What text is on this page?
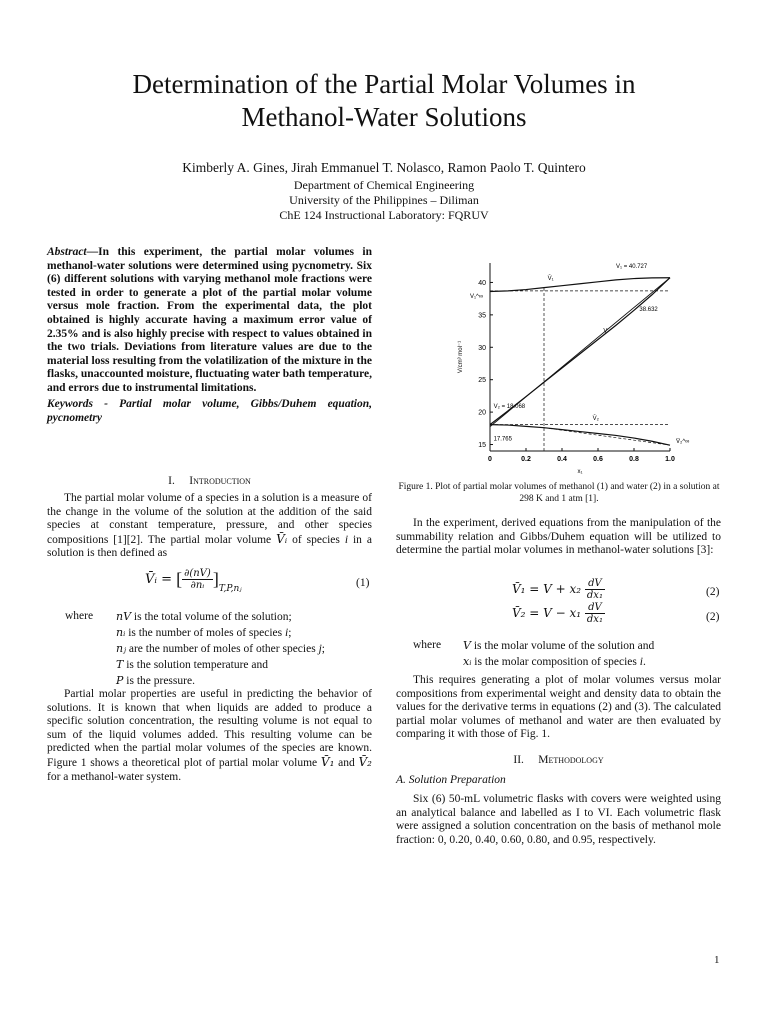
Determination of the Partial Molar Volumes in
Methanol-Water Solutions
Kimberly A. Gines, Jirah Emmanuel T. Nolasco, Ramon Paolo T. Quintero
Department of Chemical Engineering
University of the Philippines – Diliman
ChE 124 Instructional Laboratory: FQRUV
Abstract—In this experiment, the partial molar volumes in methanol-water solutions were determined using pycnometry. Six (6) different solutions with varying methanol mole fractions were tested in order to generate a plot of the partial molar volume versus mole fraction. From the experimental data, the plot obtained is highly accurate having a maximum error value of 2.35% and is also highly precise with respect to values obtained in the two trials. Deviations from literature values are due to the material loss resulting from the volatilization of the mixture in the flasks, unaccounted moisture, fluctuating water bath temperature, and errors due to instrumental limitations.
Keywords - Partial molar volume, Gibbs/Duhem equation, pycnometry
I. Introduction

The partial molar volume of a species in a solution is a measure of the change in the volume of the solution at the addition of the said species at constant temperature, pressure, and other species compositions [1][2]. The partial molar volume V̄ᵢ of species i in a solution is then defined as

V̄ᵢ = [ $\frac{\partial(nV)}{\text{∂nᵢ}} ]_{T,P,nⱼ}$
(1)
where nV is the total volume of the solution;
nᵢ is the number of moles of species i;
nⱼ are the number of moles of other species j;
T is the solution temperature and
P is the pressure.

Partial molar properties are useful in predicting the behavior of solutions. It is known that when liquids are added to produce a specific solution concentration, the resulting volume is not equal to sum of the liquid volumes added. This resulting volume can be predicted when the partial molar volumes of the species are known. Figure 1 shows a theoretical plot of partial molar volume V̄₁ and V̄₂ for a methanol-water system.

0	0.2	0.4	0.6	0.8	1.0
15
20
25
30
35
40
x₁
V/cm³ mol⁻¹
V₁ = 40.727
V̄₁
V₁^∞
V
38.632
V₂ = 18.068
V̄₂
17.765	V̄₂^∞
Figure 1. Plot of partial molar volumes of methanol (1) and water (2) in a solution at 298 K and 1 atm [1].

In the experiment, derived equations from the manipulation of the summability relation and Gibbs/Duhem equation will be utilized to determine the partial molar volumes in methanol-water solutions [3]:

V̄₁ = $V + x_2 \frac{dV}{\text{dx₁}}$	(2)
V̄₂ = $V - x_1 \frac{dV}{\text{dx₁}}$	(2)
where V is the molar volume of the solution and
xᵢ is the molar composition of species i.

This requires generating a plot of molar volumes versus molar compositions from experimental weight and density data to obtain the values for the derivative terms in equations (2) and (3). The calculated partial molar volumes of methanol and water are then evaluated by comparing it with those of Fig. 1.

II. Methodology
A. Solution Preparation

Six (6) 50-mL volumetric flasks with covers were weighted using an analytical balance and labelled as I to VI. Each volumetric flask were assigned a solution concentration on the basis of methanol mole fraction: 0, 0.20, 0.40, 0.60, 0.80, and 0.95, respectively.

1
